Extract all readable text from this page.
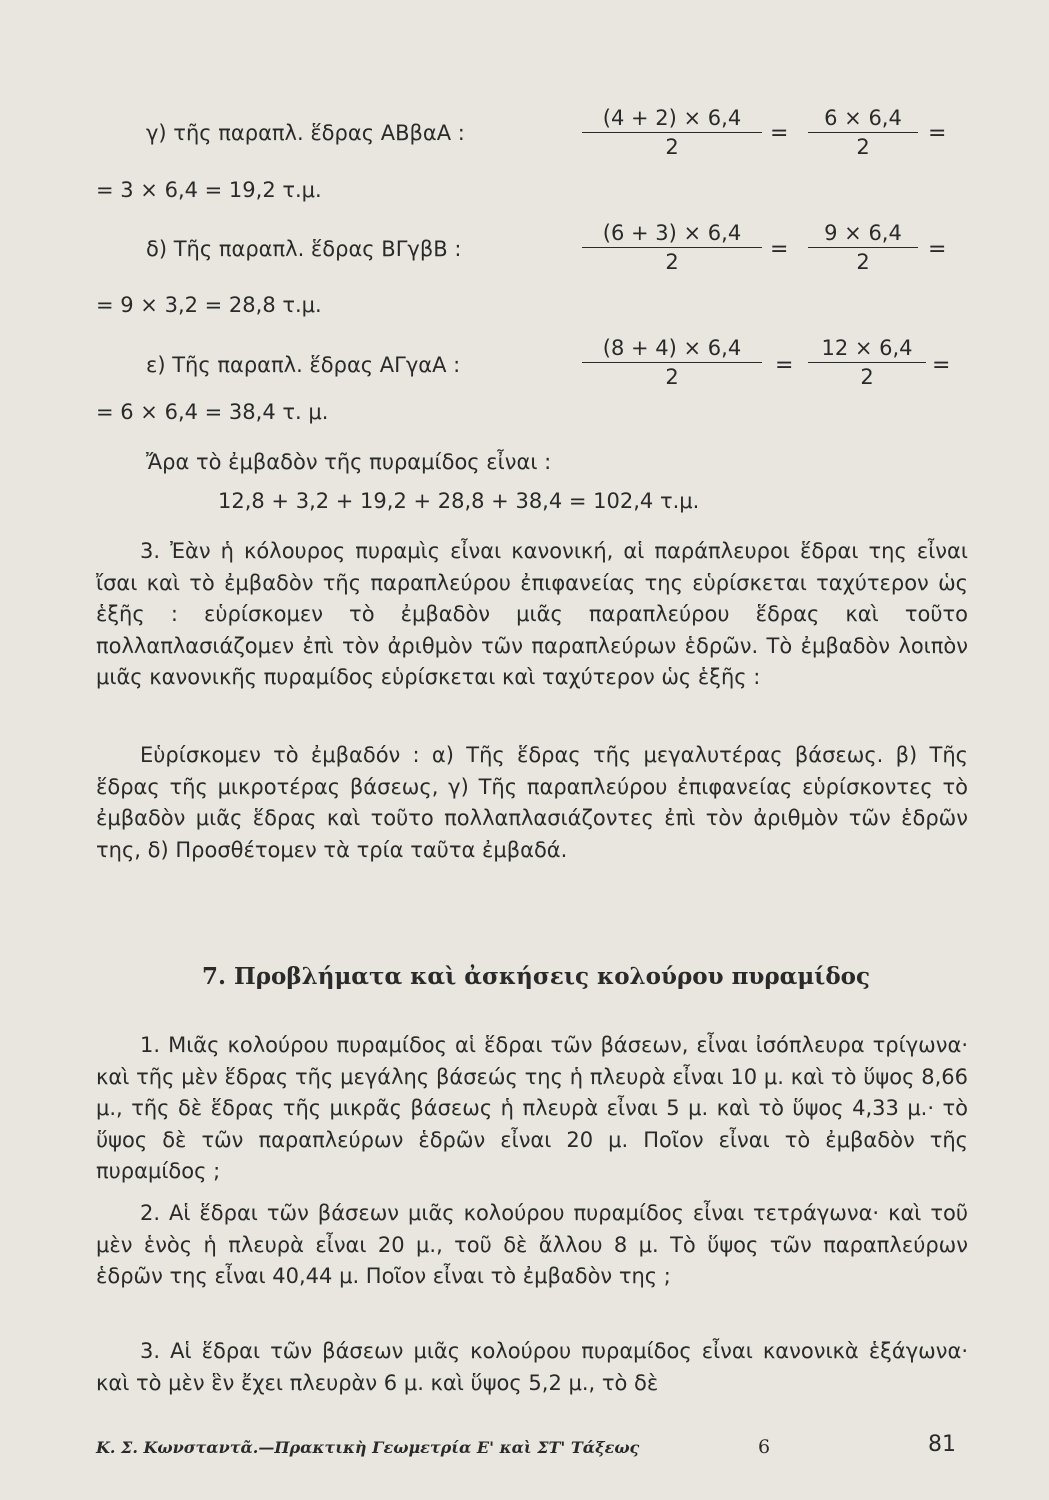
γ) τῆς παραπλ. ἕδρας ΑΒβαΑ :
(4 + 2) × 6,4
2
=
6 × 6,4
2
=
= 3 × 6,4 = 19,2 τ.μ.
δ) Τῆς παραπλ. ἕδρας ΒΓγβΒ :
(6 + 3) × 6,4
2	=
9 × 6,4
2	=
= 9 × 3,2 = 28,8 τ.μ.
ε) Τῆς παραπλ. ἕδρας ΑΓγαΑ :
(8 + 4) × 6,4
2	=
12 × 6,4
2	=
= 6 × 6,4 = 38,4 τ. μ.
Ἄρα τὸ ἐμβαδὸν τῆς πυραμίδος εἶναι :
12,8 + 3,2 + 19,2 + 28,8 + 38,4 = 102,4 τ.μ.
3. Ἐὰν ἡ κόλουρος πυραμὶς εἶναι κανονική, αἱ παράπλευροι ἕδραι της εἶναι ἴσαι καὶ τὸ ἐμβαδὸν τῆς παραπλεύρου ἐπιφανείας της εὑρίσκεται ταχύτερον ὡς ἑξῆς : εὑρίσκομεν τὸ ἐμβαδὸν μιᾶς παραπλεύρου ἕδρας καὶ τοῦτο πολλαπλασιάζομεν ἐπὶ τὸν ἀριθμὸν τῶν παραπλεύρων ἑδρῶν. Τὸ ἐμβαδὸν λοιπὸν μιᾶς κανονικῆς πυραμίδος εὑρίσκεται καὶ ταχύτερον ὡς ἑξῆς :
Εὑρίσκομεν τὸ ἐμβαδόν : α) Τῆς ἕδρας τῆς μεγαλυτέρας βάσεως. β) Τῆς ἕδρας τῆς μικροτέρας βάσεως, γ) Τῆς παραπλεύρου ἐπιφανείας εὑρίσκοντες τὸ ἐμβαδὸν μιᾶς ἕδρας καὶ τοῦτο πολλαπλασιάζοντες ἐπὶ τὸν ἀριθμὸν τῶν ἑδρῶν της, δ) Προσθέτομεν τὰ τρία ταῦτα ἐμβαδά.
7. Προβλήματα καὶ ἀσκήσεις κολούρου πυραμίδος
1. Μιᾶς κολούρου πυραμίδος αἱ ἕδραι τῶν βάσεων, εἶναι ἰσόπλευρα τρίγωνα· καὶ τῆς μὲν ἕδρας τῆς μεγάλης βάσεώς της ἡ πλευρὰ εἶναι 10 μ. καὶ τὸ ὕψος 8,66 μ., τῆς δὲ ἕδρας τῆς μικρᾶς βάσεως ἡ πλευρὰ εἶναι 5 μ. καὶ τὸ ὕψος 4,33 μ.· τὸ ὕψος δὲ τῶν παραπλεύρων ἑδρῶν εἶναι 20 μ. Ποῖον εἶναι τὸ ἐμβαδὸν τῆς πυραμίδος ;
2. Αἱ ἕδραι τῶν βάσεων μιᾶς κολούρου πυραμίδος εἶναι τετράγωνα· καὶ τοῦ μὲν ἑνὸς ἡ πλευρὰ εἶναι 20 μ., τοῦ δὲ ἄλλου 8 μ. Τὸ ὕψος τῶν παραπλεύρων ἑδρῶν της εἶναι 40,44 μ. Ποῖον εἶναι τὸ ἐμβαδὸν της ;
3. Αἱ ἕδραι τῶν βάσεων μιᾶς κολούρου πυραμίδος εἶναι κανονικὰ ἑξάγωνα· καὶ τὸ μὲν ἓν ἔχει πλευρὰν 6 μ. καὶ ὕψος 5,2 μ., τὸ δὲ
Κ. Σ. Κωνσταντᾶ.—Πρακτικὴ Γεωμετρία Ε' καὶ ΣΤ' Τάξεως	6	81
